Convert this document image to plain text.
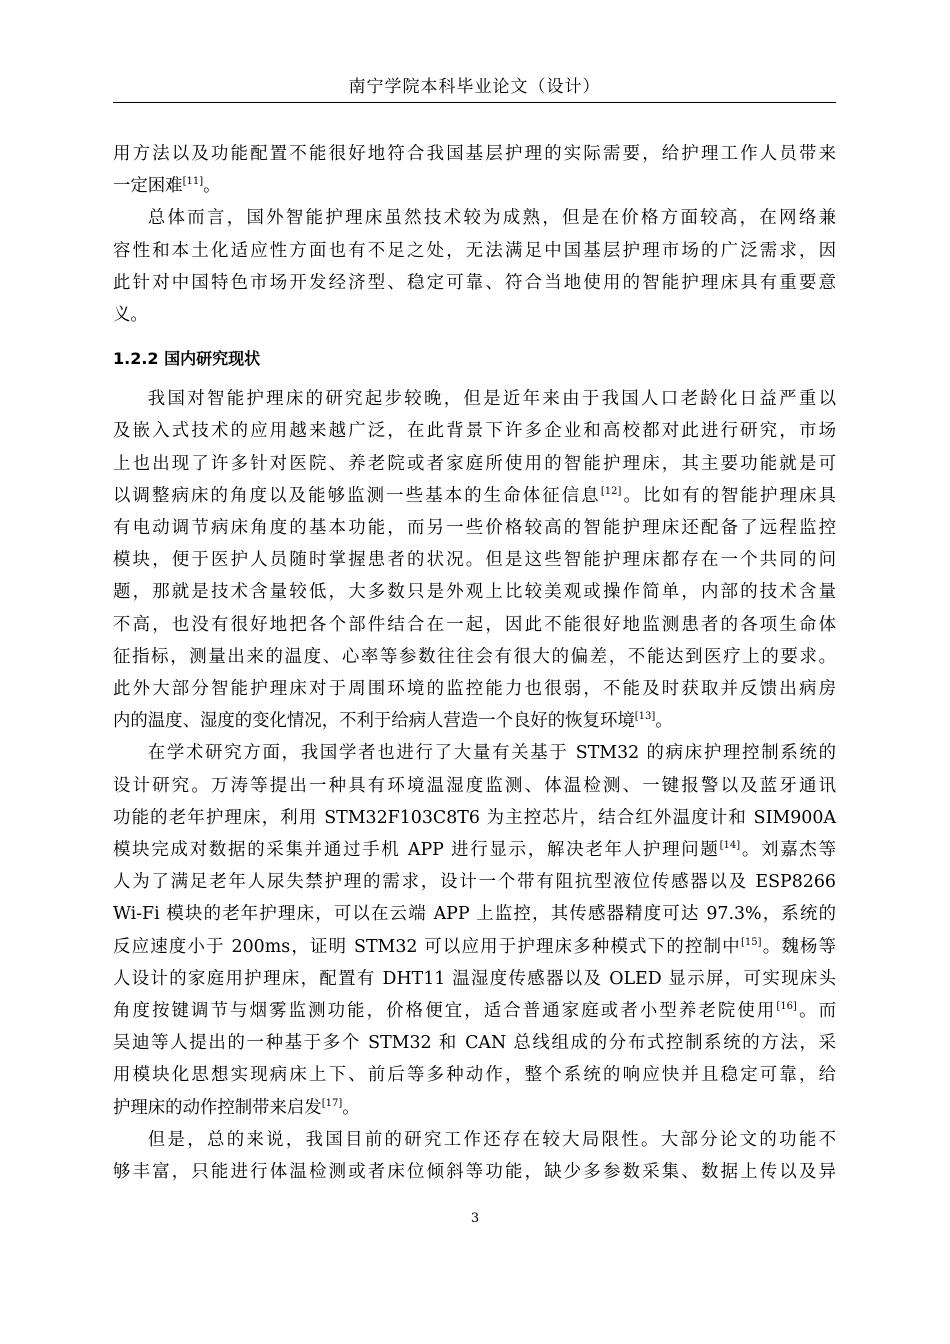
南宁学院本科毕业论文（设计）

用方法以及功能配置不能很好地符合我国基层护理的实际需要，给护理工作人员带来
一定困难[11]。

总体而言，国外智能护理床虽然技术较为成熟，但是在价格方面较高，在网络兼
容性和本土化适应性方面也有不足之处，无法满足中国基层护理市场的广泛需求，因
此针对中国特色市场开发经济型、稳定可靠、符合当地使用的智能护理床具有重要意
义。

1.2.2 国内研究现状

我国对智能护理床的研究起步较晚，但是近年来由于我国人口老龄化日益严重以
及嵌入式技术的应用越来越广泛，在此背景下许多企业和高校都对此进行研究，市场
上也出现了许多针对医院、养老院或者家庭所使用的智能护理床，其主要功能就是可
以调整病床的角度以及能够监测一些基本的生命体征信息[12]。比如有的智能护理床具
有电动调节病床角度的基本功能，而另一些价格较高的智能护理床还配备了远程监控
模块，便于医护人员随时掌握患者的状况。但是这些智能护理床都存在一个共同的问
题，那就是技术含量较低，大多数只是外观上比较美观或操作简单，内部的技术含量
不高，也没有很好地把各个部件结合在一起，因此不能很好地监测患者的各项生命体
征指标，测量出来的温度、心率等参数往往会有很大的偏差，不能达到医疗上的要求。
此外大部分智能护理床对于周围环境的监控能力也很弱，不能及时获取并反馈出病房
内的温度、湿度的变化情况，不利于给病人营造一个良好的恢复环境[13]。

在学术研究方面，我国学者也进行了大量有关基于 STM32 的病床护理控制系统的
设计研究。万涛等提出一种具有环境温湿度监测、体温检测、一键报警以及蓝牙通讯
功能的老年护理床，利用 STM32F103C8T6 为主控芯片，结合红外温度计和 SIM900A
模块完成对数据的采集并通过手机 APP 进行显示，解决老年人护理问题[14]。刘嘉杰等
人为了满足老年人尿失禁护理的需求，设计一个带有阻抗型液位传感器以及 ESP8266
Wi-Fi 模块的老年护理床，可以在云端 APP 上监控，其传感器精度可达 97.3%，系统的
反应速度小于 200ms，证明 STM32 可以应用于护理床多种模式下的控制中[15]。魏杨等
人设计的家庭用护理床，配置有 DHT11 温湿度传感器以及 OLED 显示屏，可实现床头
角度按键调节与烟雾监测功能，价格便宜，适合普通家庭或者小型养老院使用[16]。而
吴迪等人提出的一种基于多个 STM32 和 CAN 总线组成的分布式控制系统的方法，采
用模块化思想实现病床上下、前后等多种动作，整个系统的响应快并且稳定可靠，给
护理床的动作控制带来启发[17]。

但是，总的来说，我国目前的研究工作还存在较大局限性。大部分论文的功能不
够丰富，只能进行体温检测或者床位倾斜等功能，缺少多参数采集、数据上传以及异

3
